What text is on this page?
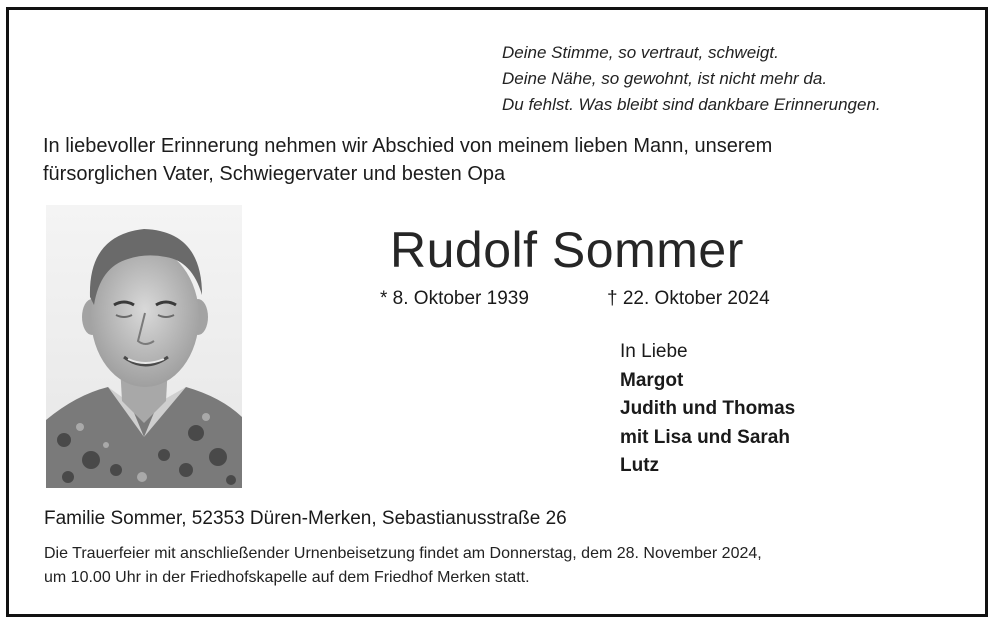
Deine Stimme, so vertraut, schweigt.
Deine Nähe, so gewohnt, ist nicht mehr da.
Du fehlst. Was bleibt sind dankbare Erinnerungen.
In liebevoller Erinnerung nehmen wir Abschied von meinem lieben Mann, unserem
fürsorglichen Vater, Schwiegervater und besten Opa
Rudolf Sommer
* 8. Oktober 1939	† 22. Oktober 2024
In Liebe
Margot
Judith und Thomas
mit Lisa und Sarah
Lutz
Familie Sommer, 52353 Düren-Merken, Sebastianusstraße 26
Die Trauerfeier mit anschließender Urnenbeisetzung findet am Donnerstag, dem 28. November 2024,
um 10.00 Uhr in der Friedhofskapelle auf dem Friedhof Merken statt.
